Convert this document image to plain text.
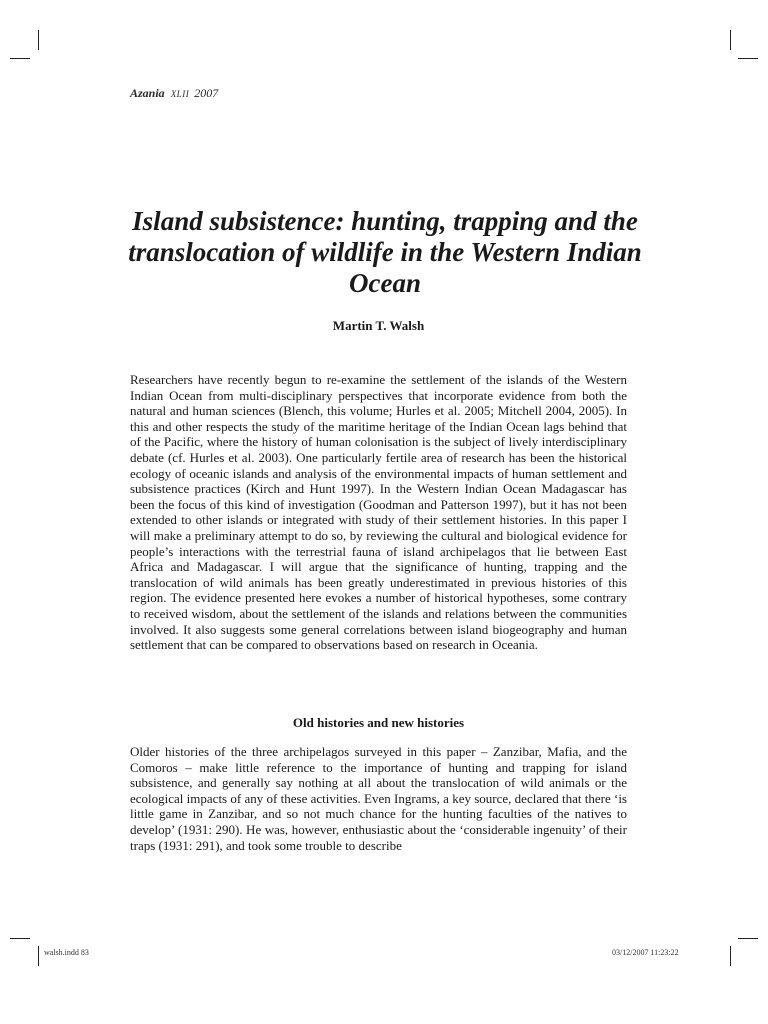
Azania XLII 2007
Island subsistence: hunting, trapping and the translocation of wildlife in the Western Indian Ocean
Martin T. Walsh

Researchers have recently begun to re-examine the settlement of the islands of the Western Indian Ocean from multi-disciplinary perspectives that incorporate evidence from both the natural and human sciences (Blench, this volume; Hurles et al. 2005; Mitchell 2004, 2005). In this and other respects the study of the maritime heritage of the Indian Ocean lags behind that of the Pacific, where the history of human colonisation is the subject of lively interdisciplinary debate (cf. Hurles et al. 2003). One particularly fertile area of research has been the historical ecology of oceanic islands and analysis of the environmental impacts of human settlement and subsistence practices (Kirch and Hunt 1997). In the Western Indian Ocean Madagascar has been the focus of this kind of investigation (Goodman and Patterson 1997), but it has not been extended to other islands or integrated with study of their settlement histories. In this paper I will make a preliminary attempt to do so, by reviewing the cultural and biological evidence for people’s interactions with the terrestrial fauna of island archipelagos that lie between East Africa and Madagascar. I will argue that the significance of hunting, trapping and the translocation of wild animals has been greatly underestimated in previous histories of this region. The evidence presented here evokes a number of historical hypotheses, some contrary to received wisdom, about the settlement of the islands and relations between the communities involved. It also suggests some general correlations between island biogeography and human settlement that can be compared to observations based on research in Oceania.

Old histories and new histories

Older histories of the three archipelagos surveyed in this paper – Zanzibar, Mafia, and the Comoros – make little reference to the importance of hunting and trapping for island subsistence, and generally say nothing at all about the translocation of wild animals or the ecological impacts of any of these activities. Even Ingrams, a key source, declared that there ‘is little game in Zanzibar, and so not much chance for the hunting faculties of the natives to develop’ (1931: 290). He was, however, enthusiastic about the ‘considerable ingenuity’ of their traps (1931: 291), and took some trouble to describe

walsh.indd 83	03/12/2007 11:23:22
